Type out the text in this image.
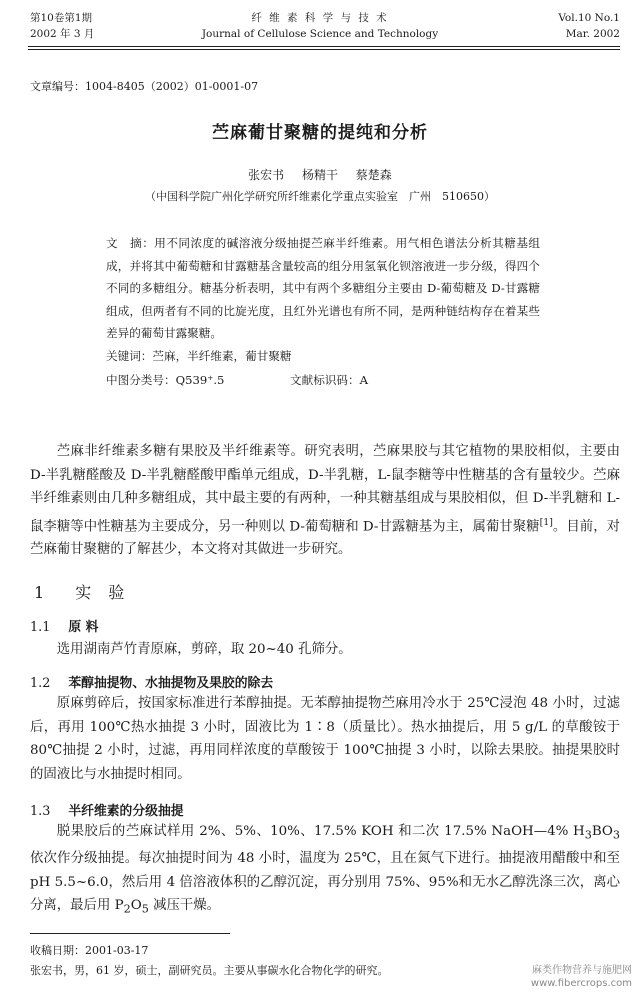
第10卷第1期
2002 年 3 月
纤 维 素 科 学 与 技 术
Journal of Cellulose Science and Technology
Vol.10 No.1
Mar. 2002
文章编号：1004-8405（2002）01-0001-07
苎麻葡甘聚糖的提纯和分析
张宏书 杨精干 蔡楚森
（中国科学院广州化学研究所纤维素化学重点实验室　广州　510650）

文　摘：用不同浓度的碱溶液分级抽提苎麻半纤维素。用气相色谱法分析其糖基组成，并将其中葡萄糖和甘露糖基含量较高的组分用氢氧化钡溶液进一步分级，得四个不同的多糖组分。糖基分析表明，其中有两个多糖组分主要由 D-葡萄糖及 D-甘露糖组成，但两者有不同的比旋光度，且红外光谱也有所不同，是两种链结构存在着某些差异的葡萄甘露聚糖。

关键词：苎麻，半纤维素，葡甘聚糖
中图分类号：Q539⁺.5	文献标识码：A

苎麻非纤维素多糖有果胶及半纤维素等。研究表明，苎麻果胶与其它植物的果胶相似，主要由 D-半乳糖醛酸及 D-半乳糖醛酸甲酯单元组成，D-半乳糖，L-鼠李糖等中性糖基的含有量较少。苎麻半纤维素则由几种多糖组成，其中最主要的有两种，一种其糖基组成与果胶相似，但 D-半乳糖和 L-鼠李糖等中性糖基为主要成分，另一种则以 D-葡萄糖和 D-甘露糖基为主，属葡甘聚糖[1]。目前，对苎麻葡甘聚糖的了解甚少，本文将对其做进一步研究。

1 实 验
1.1 原 料

选用湖南芦竹青原麻，剪碎，取 20~40 孔筛分。

1.2 苯醇抽提物、水抽提物及果胶的除去

原麻剪碎后，按国家标准进行苯醇抽提。无苯醇抽提物苎麻用冷水于 25℃浸泡 48 小时，过滤后，再用 100℃热水抽提 3 小时，固液比为 1∶8（质量比）。热水抽提后，用 5 g/L 的草酸铵于 80℃抽提 2 小时，过滤，再用同样浓度的草酸铵于 100℃抽提 3 小时，以除去果胶。抽提果胶时的固液比与水抽提时相同。

1.3 半纤维素的分级抽提

脱果胶后的苎麻试样用 2%、5%、10%、17.5% KOH 和二次 17.5% NaOH—4% $H_3BO_3$依次作分级抽提。每次抽提时间为 48 小时，温度为 25℃，且在氮气下进行。抽提液用醋酸中和至 pH 5.5~6.0，然后用 4 倍溶液体积的乙醇沉淀，再分别用 75%、95%和无水乙醇洗涤三次，离心分离，最后用 $P_2O_5$ 减压干燥。

收稿日期：2001-03-17
张宏书，男，61 岁，硕士，副研究员。主要从事碳水化合物化学的研究。	麻类作物营养与施肥网
www.fibercrops.com
